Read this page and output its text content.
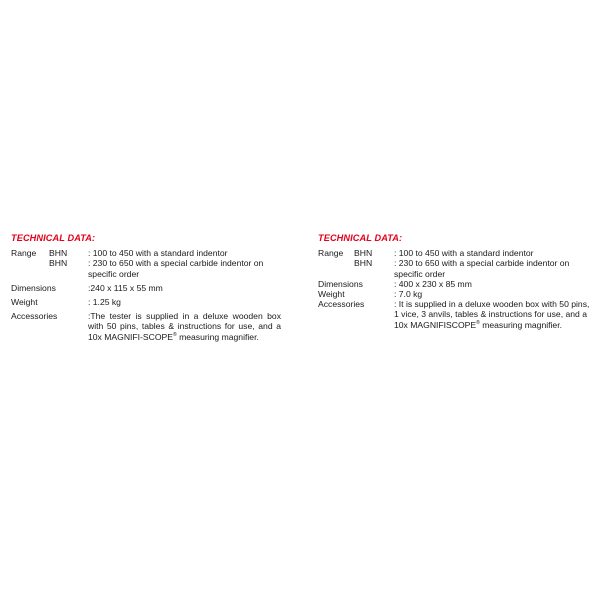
TECHNICAL DATA:
Range	BHN	: 100 to 450 with a standard indentor
BHN	: 230 to 650 with a special carbide indentor on specific order
Dimensions	:240 x 115 x 55 mm
Weight	: 1.25 kg
Accessories	:The tester is supplied in a deluxe wooden box with 50 pins, tables & instructions for use, and a 10x MAGNIFI-SCOPE® measuring magnifier.
TECHNICAL DATA:
Range	BHN	: 100 to 450 with a standard indentor
BHN	: 230 to 650 with a special carbide indentor on specific order
Dimensions	: 400 x 230 x 85 mm
Weight	: 7.0 kg
Accessories	: It is supplied in a deluxe wooden box with 50 pins, 1 vice, 3 anvils, tables & instructions for use, and a 10x MAGNIFISCOPE® measuring magnifier.
